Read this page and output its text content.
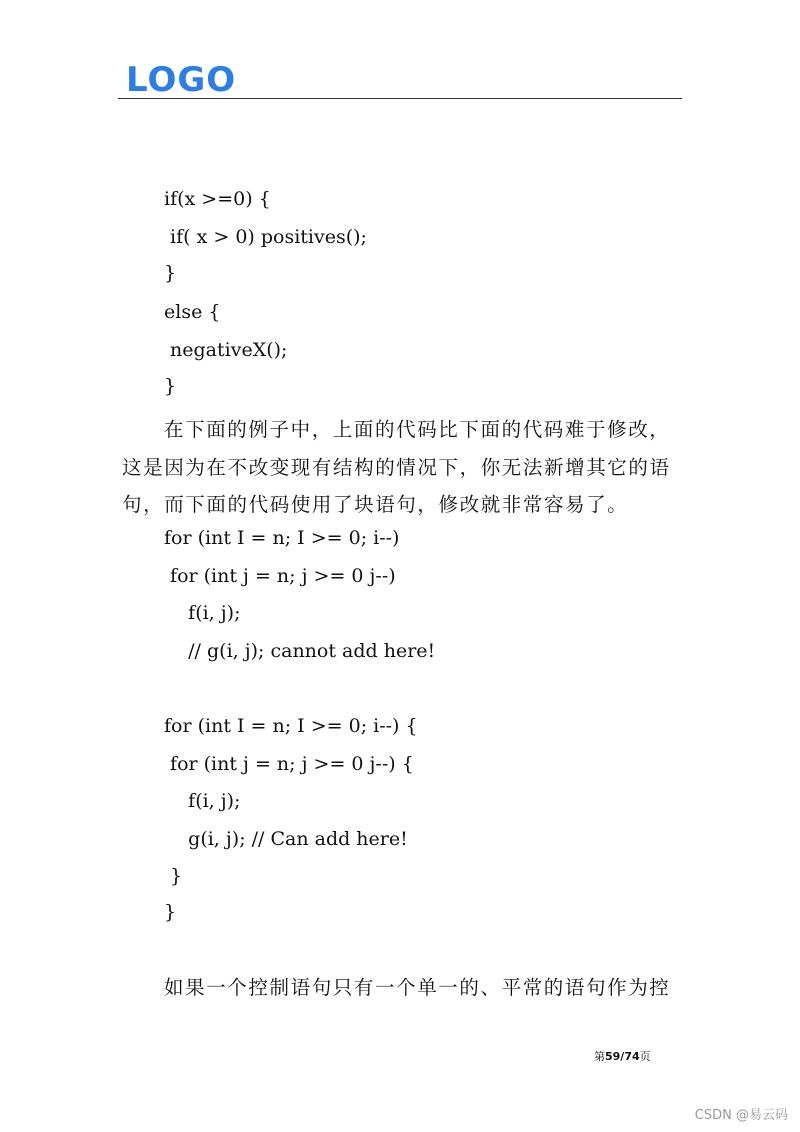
LOGO
if(x >=0) {
if( x > 0) positives();
}
else {
negativeX();
}
在下面的例子中，上面的代码比下面的代码难于修改，这是因为在不改变现有结构的情况下，你无法新增其它的语句，而下面的代码使用了块语句，修改就非常容易了。
for (int I = n; I >= 0; i--)
for (int j = n; j >= 0 j--)
f(i, j);
// g(i, j); cannot add here!
for (int I = n; I >= 0; i--) {
for (int j = n; j >= 0 j--) {
f(i, j);
g(i, j); // Can add here!
}
}
如果一个控制语句只有一个单一的、平常的语句作为控
第59/74页
CSDN @易云码
